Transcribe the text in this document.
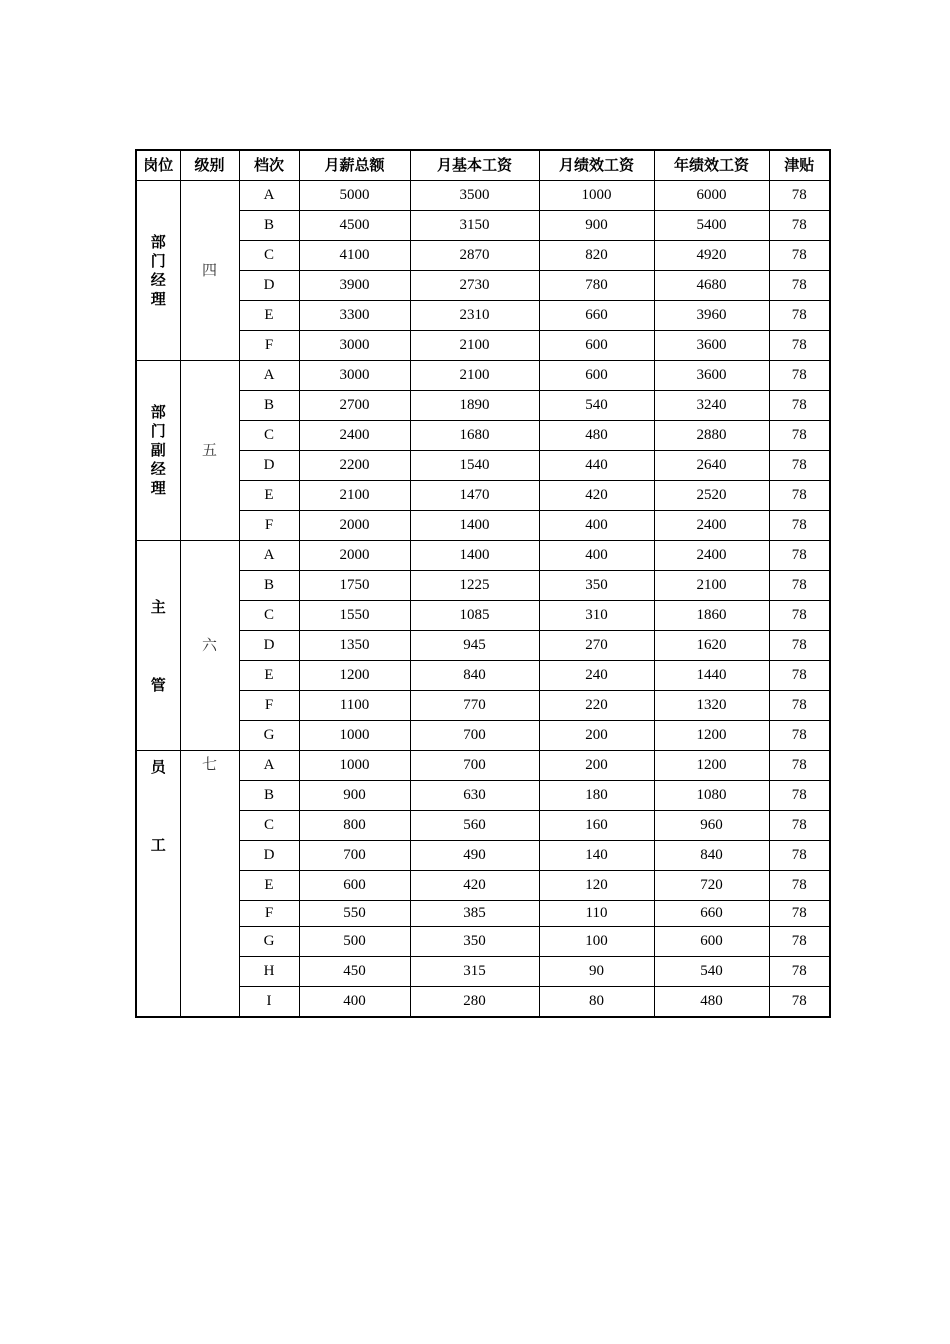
岗位	级别	档次	月薪总额	月基本工资	月绩效工资	年绩效工资	津贴
部门经理	四	A	5000	3500	1000	6000	78
		B	4500	3150	900	5400	78
		C	4100	2870	820	4920	78
		D	3900	2730	780	4680	78
		E	3300	2310	660	3960	78
		F	3000	2100	600	3600	78
部门副经理	五	A	3000	2100	600	3600	78
		B	2700	1890	540	3240	78
		C	2400	1680	480	2880	78
		D	2200	1540	440	2640	78
		E	2100	1470	420	2520	78
		F	2000	1400	400	2400	78
主管	六	A	2000	1400	400	2400	78
		B	1750	1225	350	2100	78
		C	1550	1085	310	1860	78
		D	1350	945	270	1620	78
		E	1200	840	240	1440	78
		F	1100	770	220	1320	78
		G	1000	700	200	1200	78
员工	七	A	1000	700	200	1200	78
		B	900	630	180	1080	78
		C	800	560	160	960	78
		D	700	490	140	840	78
		E	600	420	120	720	78
		F	550	385	110	660	78
		G	500	350	100	600	78
		H	450	315	90	540	78
		I	400	280	80	480	78
